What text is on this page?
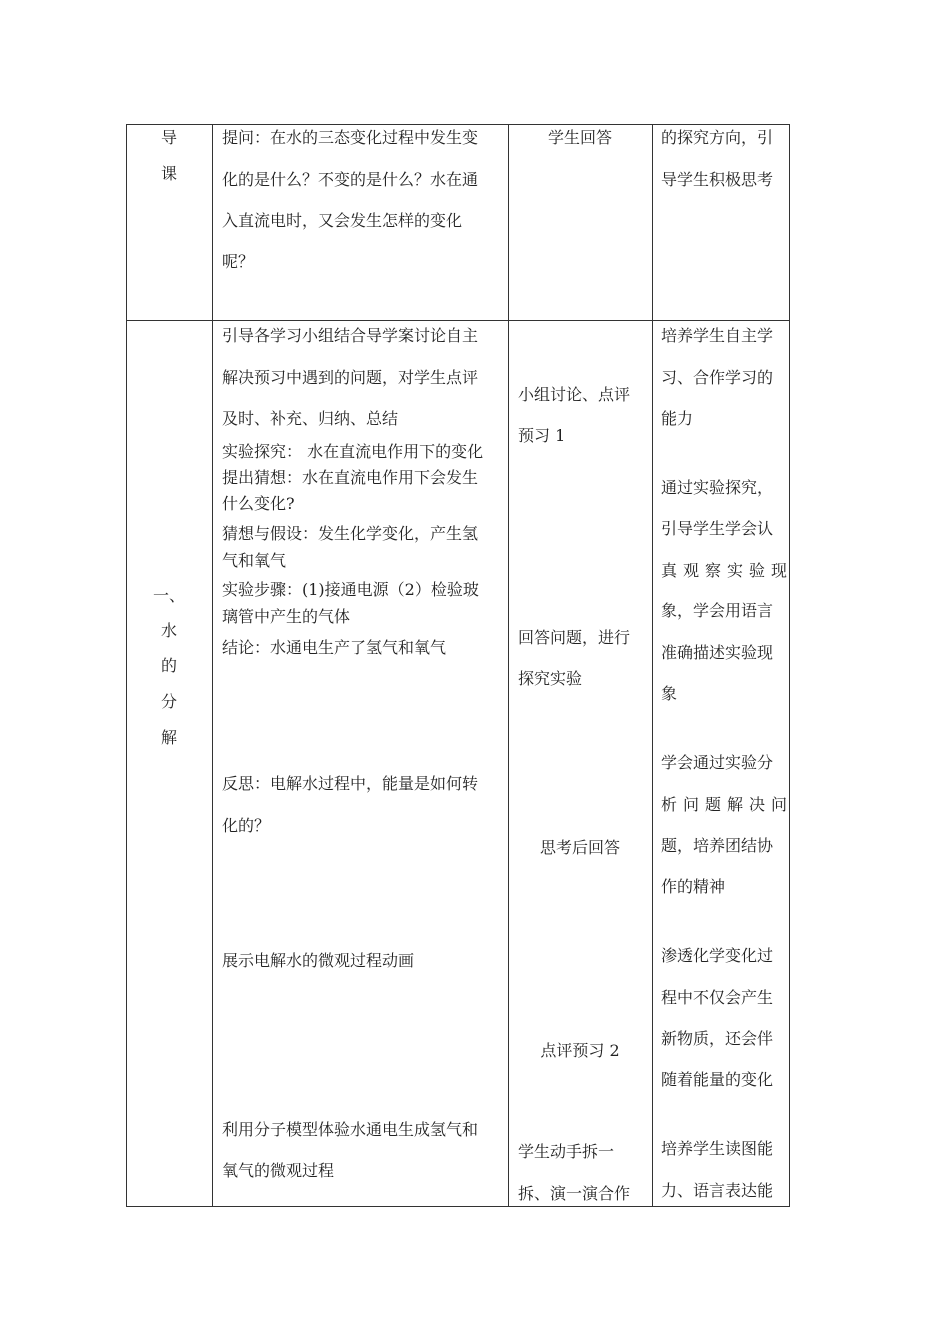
导
课
提问：在水的三态变化过程中发生变
化的是什么？不变的是什么？水在通
入直流电时，又会发生怎样的变化
呢？
学生回答	的探究方向，引
导学生积极思考
一、
水
的
分
解
引导各学习小组结合导学案讨论自主
解决预习中遇到的问题，对学生点评
及时、补充、归纳、总结
实验探究： 水在直流电作用下的变化
提出猜想：水在直流电作用下会发生
什么变化?
猜想与假设：发生化学变化，产生氢
气和氧气
实验步骤：(1)接通电源（2）检验玻
璃管中产生的气体
结论：水通电生产了氢气和氧气
反思：电解水过程中，能量是如何转
化的？
展示电解水的微观过程动画
利用分子模型体验水通电生成氢气和
氧气的微观过程
小组讨论、点评
预习 1
回答问题，进行
探究实验
思考后回答
点评预习 2
学生动手拆一
拆、演一演合作
培养学生自主学
习、合作学习的
能力
通过实验探究，
引导学生学会认
真观察实验现
象，学会用语言
准确描述实验现
象
学会通过实验分
析问题解决问
题，培养团结协
作的精神
渗透化学变化过
程中不仅会产生
新物质，还会伴
随着能量的变化
培养学生读图能
力、语言表达能
